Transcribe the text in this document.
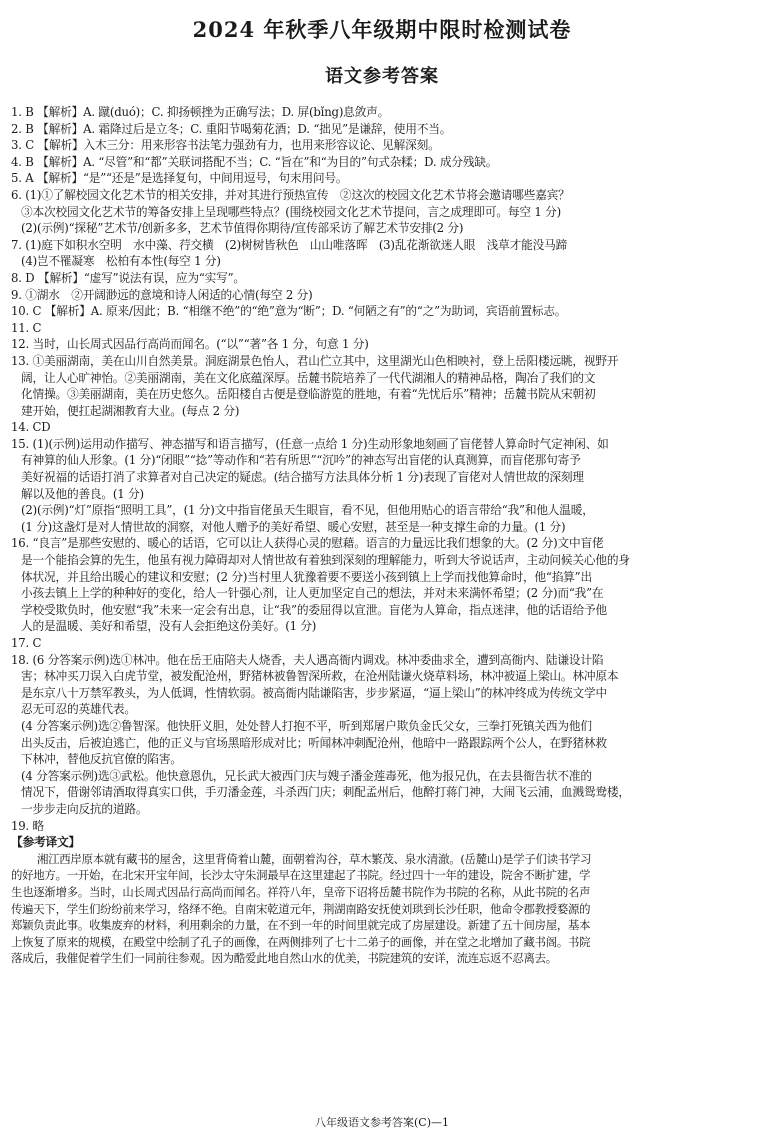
2024 年秋季八年级期中限时检测试卷
语文参考答案
1. B 【解析】A. 蹴(duó)；C. 抑扬顿挫为正确写法；D. 屏(bǐng)息敛声。
2. B 【解析】A. 霜降过后是立冬；C. 重阳节喝菊花酒；D. “拙见”是谦辞，使用不当。
3. C 【解析】入木三分：用来形容书法笔力强劲有力，也用来形容议论、见解深刻。
4. B 【解析】A. “尽管”和“都”关联词搭配不当；C. “旨在”和“为目的”句式杂糅；D. 成分残缺。
5. A 【解析】“是”“还是”是选择复句，中间用逗号，句末用问号。
6. (1)①了解校园文化艺术节的相关安排，并对其进行预热宣传　②这次的校园文化艺术节将会邀请哪些嘉宾？
③本次校园文化艺术节的筹备安排上呈现哪些特点？(围绕校园文化艺术节提问，言之成理即可。每空 1 分)
(2)(示例)“探秘”艺术节/创新多多，艺术节值得你期待/宣传部采访了解艺术节安排(2 分)
7. (1)庭下如积水空明　水中藻、荇交横　(2)树树皆秋色　山山唯落晖　(3)乱花渐欲迷人眼　浅草才能没马蹄
(4)岂不罹凝寒　松柏有本性(每空 1 分)
8. D 【解析】“虚写”说法有误，应为“实写”。
9. ①湖水　②开阔渺远的意境和诗人闲适的心情(每空 2 分)
10. C 【解析】A. 原来/因此；B. “相继不绝”的“绝”意为“断”；D. “何陋之有”的“之”为助词，宾语前置标志。
11. C
12. 当时，山长周式因品行高尚而闻名。(“以”“著”各 1 分，句意 1 分)
13. ①美丽湖南，美在山川自然美景。洞庭湖景色怡人，君山伫立其中，这里湖光山色相映衬，登上岳阳楼远眺，视野开
阔，让人心旷神怡。②美丽湖南，美在文化底蕴深厚。岳麓书院培养了一代代湖湘人的精神品格，陶冶了我们的文
化情操。③美丽湖南，美在历史悠久。岳阳楼自古便是登临游览的胜地，有着“先忧后乐”精神；岳麓书院从宋朝初
建开始，便扛起湖湘教育大业。(每点 2 分)
14. CD
15. (1)(示例)运用动作描写、神态描写和语言描写，(任意一点给 1 分)生动形象地刻画了盲佬替人算命时气定神闲、如
有神算的仙人形象。(1 分)“闭眼”“捻”等动作和“若有所思”“沉吟”的神态写出盲佬的认真测算，而盲佬那句寄予
美好祝福的话语打消了求算者对自己决定的疑虑。(结合描写方法具体分析 1 分)表现了盲佬对人情世故的深刻理
解以及他的善良。(1 分)
(2)(示例)“灯”原指“照明工具”，(1 分)文中指盲佬虽天生眼盲，看不见，但他用贴心的语言带给“我”和他人温暖，
(1 分)这盏灯是对人情世故的洞察，对他人赠予的美好希望、暖心安慰，甚至是一种支撑生命的力量。(1 分)
16. “良言”是那些安慰的、暖心的话语，它可以让人获得心灵的慰藉。语言的力量远比我们想象的大。(2 分)文中盲佬
是一个能掐会算的先生，他虽有视力障碍却对人情世故有着独到深刻的理解能力，听到大爷说话声，主动问候关心他的身
体状况，并且给出暖心的建议和安慰；(2 分)当村里人犹豫着要不要送小孩到镇上上学而找他算命时，他“掐算”出
小孩去镇上上学的种种好的变化，给人一针强心剂，让人更加坚定自己的想法，并对未来满怀希望；(2 分)而“我”在
学校受欺负时，他安慰“我”未来一定会有出息，让“我”的委屈得以宣泄。盲佬为人算命，指点迷津，他的话语给予他
人的是温暖、美好和希望，没有人会拒绝这份美好。(1 分)
17. C
18. (6 分答案示例)选①林冲。他在岳王庙陪夫人烧香，夫人遇高衙内调戏。林冲委曲求全，遭到高衙内、陆谦设计陷
害；林冲买刀误入白虎节堂，被发配沧州，野猪林被鲁智深所救，在沧州陆谦火烧草料场，林冲被逼上梁山。林冲原本
是东京八十万禁军教头，为人低调，性情软弱。被高衙内陆谦陷害，步步紧逼，“逼上梁山”的林冲终成为传统文学中
忍无可忍的英雄代表。
(4 分答案示例)选②鲁智深。他快肝义胆，处处替人打抱不平，听到郑屠户欺负金氏父女，三拳打死镇关西为他们
出头反击，后被迫逃亡，他的正义与官场黑暗形成对比；听闻林冲刺配沧州，他暗中一路跟踪两个公人，在野猪林救
下林冲，替他反抗官僚的陷害。
(4 分答案示例)选③武松。他快意恩仇，兄长武大被西门庆与嫂子潘金莲毒死，他为报兄仇，在去县衙告状不准的
情况下，借谢邻请酒取得真实口供，手刃潘金莲，斗杀西门庆；刺配孟州后，他醉打蒋门神，大闹飞云浦，血溅鸳鸯楼，
一步步走向反抗的道路。
19. 略
【参考译文】
湘江西岸原本就有藏书的屋舍，这里背倚着山麓，面朝着沟谷，草木繁茂、泉水清澈。(岳麓山)是学子们读书学习
的好地方。一开始，在北宋开宝年间，长沙太守朱洞最早在这里建起了书院。经过四十一年的建设，院舍不断扩建，学
生也逐渐增多。当时，山长周式因品行高尚而闻名。祥符八年，皇帝下诏将岳麓书院作为书院的名称，从此书院的名声
传遍天下，学生们纷纷前来学习，络绎不绝。自南宋乾道元年，荆湖南路安抚使刘珙到长沙任职，他命令郡教授婺源的
郑颖负责此事。收集废弃的材料，利用剩余的力量，在不到一年的时间里就完成了房屋建设。新建了五十间房屋，基本
上恢复了原来的规模，在殿堂中绘制了孔子的画像，在两侧排列了七十二弟子的画像，并在堂之北增加了藏书阁。书院
落成后，我催促着学生们一同前往参观。因为酷爱此地自然山水的优美，书院建筑的安详，流连忘返不忍离去。
八年级语文参考答案(C)—1
